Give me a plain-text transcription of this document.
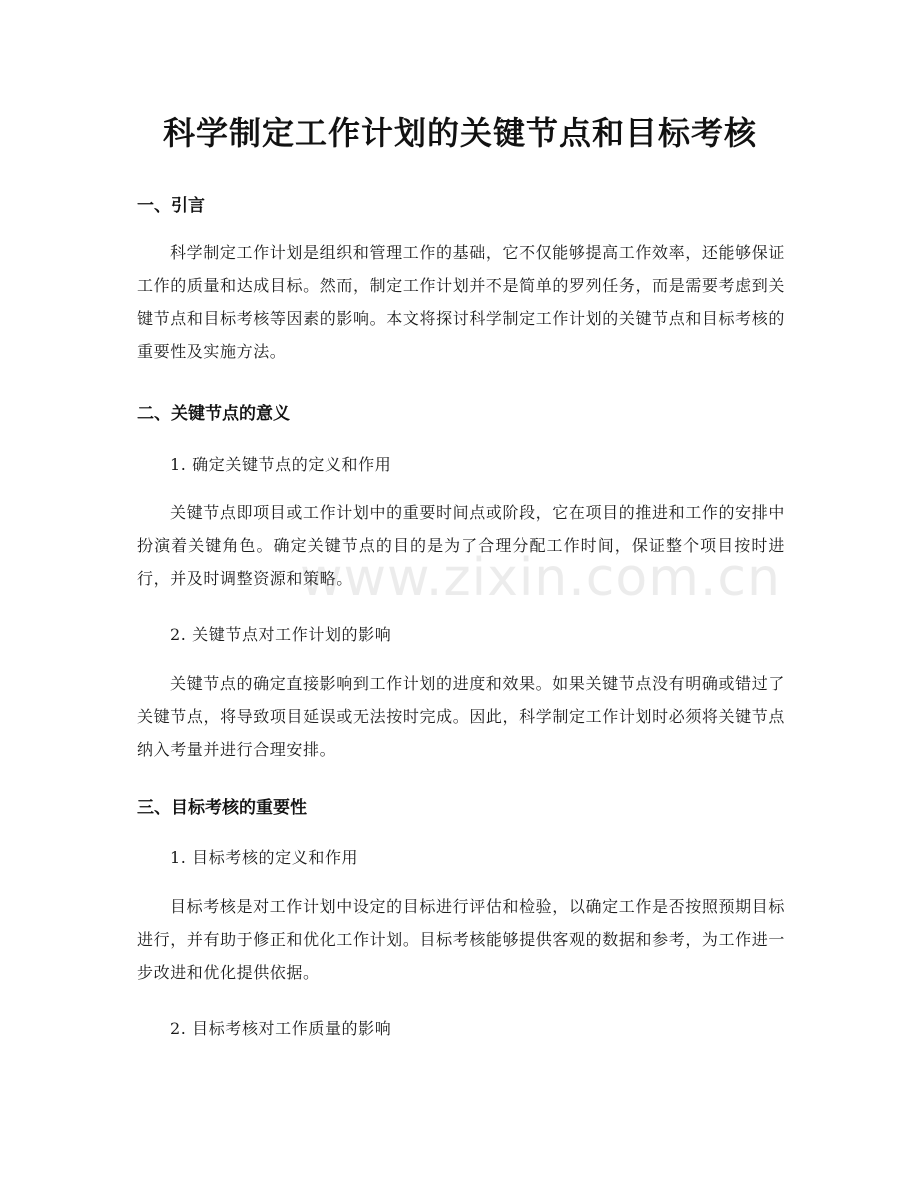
科学制定工作计划的关键节点和目标考核
www.zixin.com.cn
一、引言

科学制定工作计划是组织和管理工作的基础，它不仅能够提高工作效率，还能够保证工作的质量和达成目标。然而，制定工作计划并不是简单的罗列任务，而是需要考虑到关键节点和目标考核等因素的影响。本文将探讨科学制定工作计划的关键节点和目标考核的重要性及实施方法。

二、关键节点的意义

1. 确定关键节点的定义和作用

关键节点即项目或工作计划中的重要时间点或阶段，它在项目的推进和工作的安排中扮演着关键角色。确定关键节点的目的是为了合理分配工作时间，保证整个项目按时进行，并及时调整资源和策略。

2. 关键节点对工作计划的影响

关键节点的确定直接影响到工作计划的进度和效果。如果关键节点没有明确或错过了关键节点，将导致项目延误或无法按时完成。因此，科学制定工作计划时必须将关键节点纳入考量并进行合理安排。

三、目标考核的重要性

1. 目标考核的定义和作用

目标考核是对工作计划中设定的目标进行评估和检验，以确定工作是否按照预期目标进行，并有助于修正和优化工作计划。目标考核能够提供客观的数据和参考，为工作进一步改进和优化提供依据。

2. 目标考核对工作质量的影响
